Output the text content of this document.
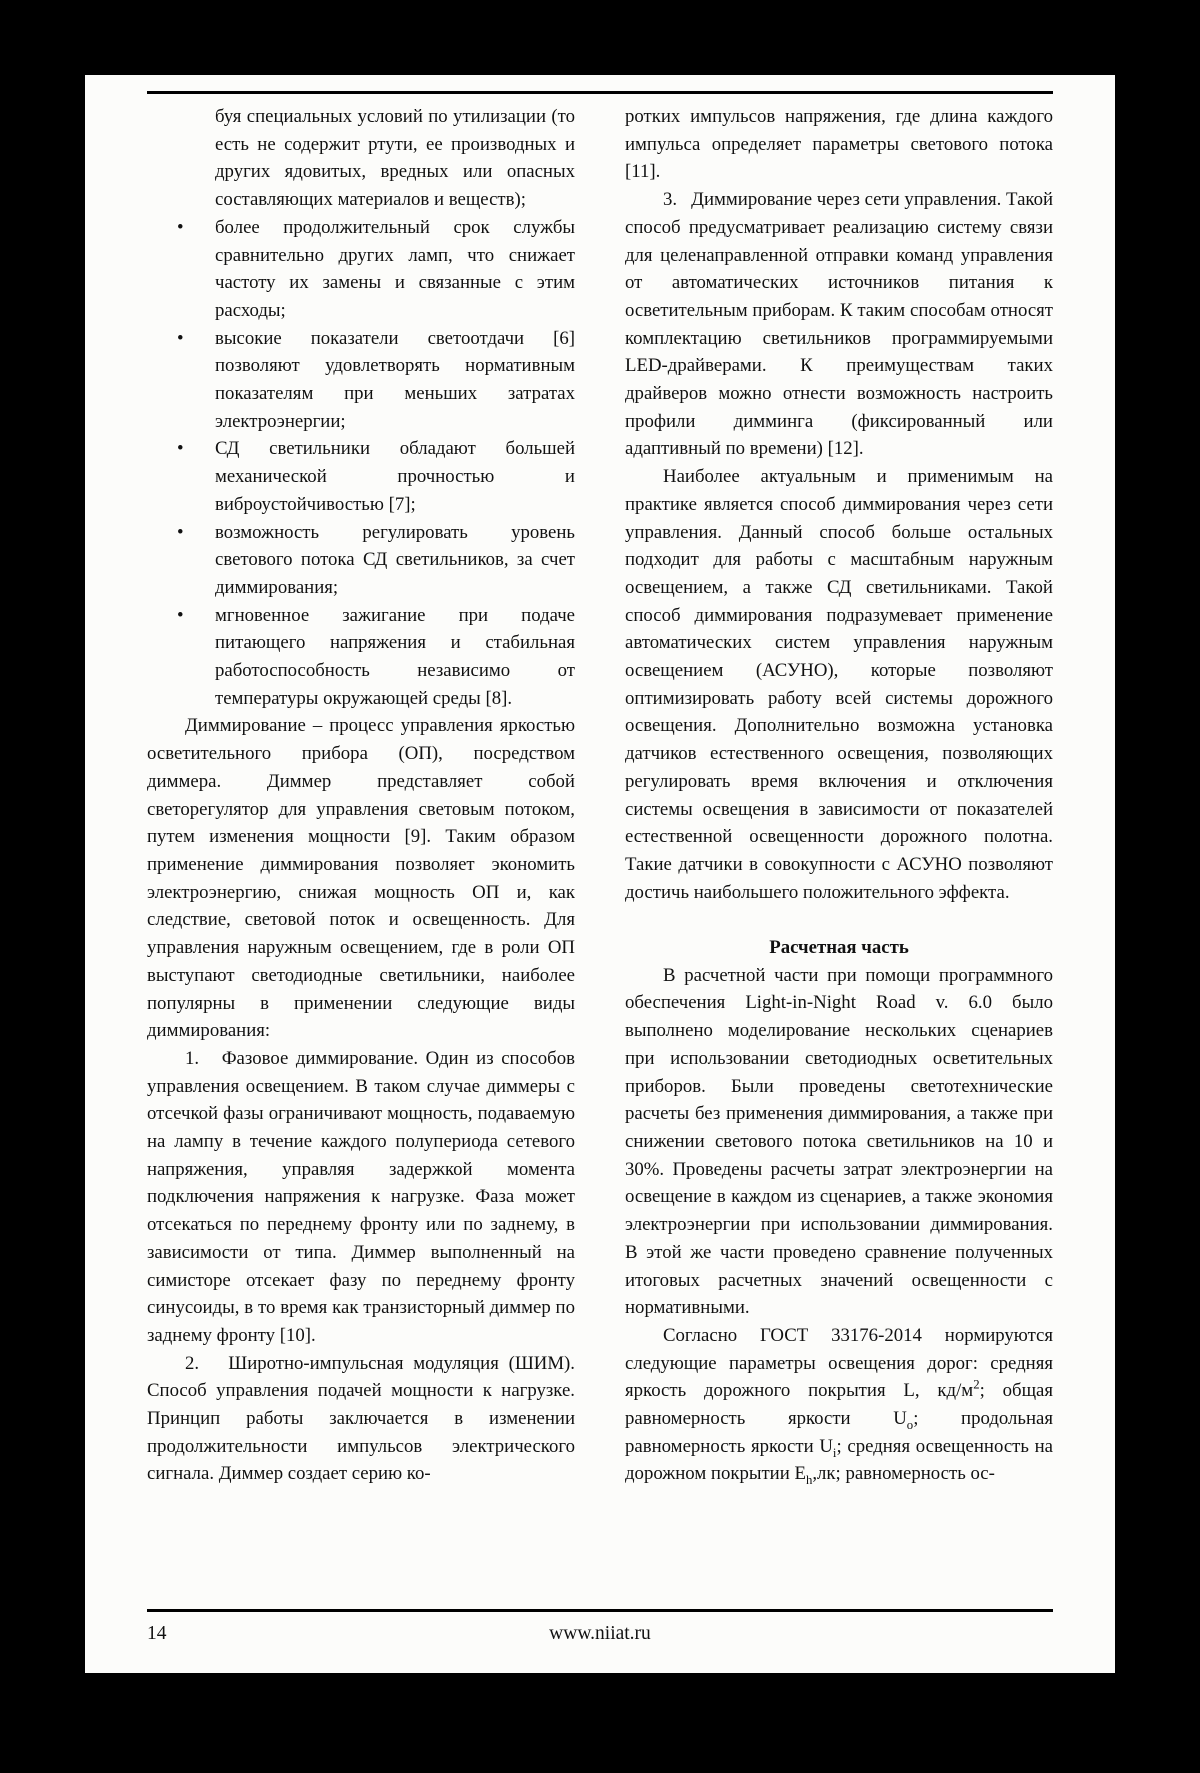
буя специальных условий по утилизации (то есть не содержит ртути, ее производных и других ядовитых, вредных или опасных составляющих материалов и веществ);

• более продолжительный срок службы сравнительно других ламп, что снижает частоту их замены и связанные с этим расходы;

• высокие показатели светоотдачи [6] позволяют удовлетворять нормативным показателям при меньших затратах электроэнергии;

• СД светильники обладают большей механической прочностью и виброустойчивостью [7];

• возможность регулировать уровень светового потока СД светильников, за счет диммирования;

• мгновенное зажигание при подаче питающего напряжения и стабильная работоспособность независимо от температуры окружающей среды [8].

Диммирование – процесс управления яркостью осветительного прибора (ОП), посредством диммера. Диммер представляет собой светорегулятор для управления световым потоком, путем изменения мощности [9]. Таким образом применение диммирования позволяет экономить электроэнергию, снижая мощность ОП и, как следствие, световой поток и освещенность. Для управления наружным освещением, где в роли ОП выступают светодиодные светильники, наиболее популярны в применении следующие виды диммирования:

1.   Фазовое диммирование. Один из способов управления освещением. В таком случае диммеры с отсечкой фазы ограничивают мощность, подаваемую на лампу в течение каждого полупериода сетевого напряжения, управляя задержкой момента подключения напряжения к нагрузке. Фаза может отсекаться по переднему фронту или по заднему, в зависимости от типа. Диммер выполненный на симисторе отсекает фазу по переднему фронту синусоиды, в то время как транзисторный диммер по заднему фронту [10].

2.   Широтно-импульсная модуляция (ШИМ). Способ управления подачей мощности к нагрузке. Принцип работы заключается в изменении продолжительности импульсов электрического сигнала. Диммер создает серию ко-

ротких импульсов напряжения, где длина каждого импульса определяет параметры светового потока [11].

3.   Диммирование через сети управления. Такой способ предусматривает реализацию систему связи для целенаправленной отправки команд управления от автоматических источников питания к осветительным приборам. К таким способам относят комплектацию светильников программируемыми LED-драйверами. К преимуществам таких драйверов можно отнести возможность настроить профили димминга (фиксированный или адаптивный по времени) [12].

Наиболее актуальным и применимым на практике является способ диммирования через сети управления. Данный способ больше остальных подходит для работы с масштабным наружным освещением, а также СД светильниками. Такой способ диммирования подразумевает применение автоматических систем управления наружным освещением (АСУНО), которые позволяют оптимизировать работу всей системы дорожного освещения. Дополнительно возможна установка датчиков естественного освещения, позволяющих регулировать время включения и отключения системы освещения в зависимости от показателей естественной освещенности дорожного полотна. Такие датчики в совокупности с АСУНО позволяют достичь наибольшего положительного эффекта.

Расчетная часть

В расчетной части при помощи программного обеспечения Light-in-Night Road v. 6.0 было выполнено моделирование нескольких сценариев при использовании светодиодных осветительных приборов. Были проведены светотехнические расчеты без применения диммирования, а также при снижении светового потока светильников на 10 и 30%. Проведены расчеты затрат электроэнергии на освещение в каждом из сценариев, а также экономия электроэнергии при использовании диммирования. В этой же части проведено сравнение полученных итоговых расчетных значений освещенности с нормативными.

Согласно ГОСТ 33176-2014 нормируются следующие параметры освещения дорог: средняя яркость дорожного покрытия L, $кд/м^2$; общая равномерность яркости $U_o$; продольная равномерность яркости $U_i$; средняя освещенность на дорожном покрытии $E_h,лк$; равномерность ос-

14	www.niiat.ru
